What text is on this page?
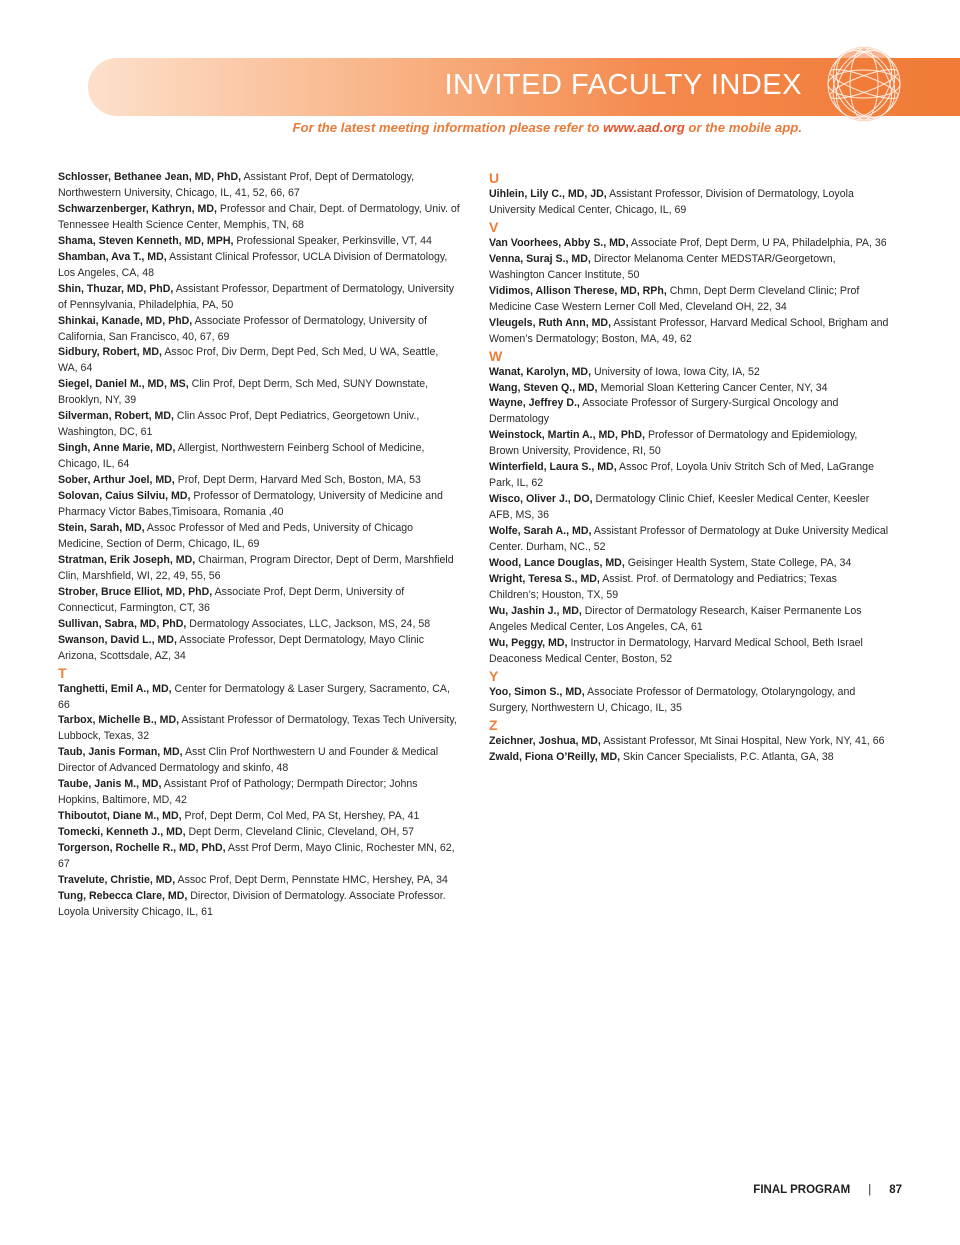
INVITED FACULTY INDEX
For the latest meeting information please refer to www.aad.org or the mobile app.

Schlosser, Bethanee Jean, MD, PhD, Assistant Prof, Dept of Dermatology, Northwestern University, Chicago, IL, 41, 52, 66, 67

Schwarzenberger, Kathryn, MD, Professor and Chair, Dept. of Dermatology, Univ. of Tennessee Health Science Center, Memphis, TN, 68

Shama, Steven Kenneth, MD, MPH, Professional Speaker, Perkinsville, VT, 44

Shamban, Ava T., MD, Assistant Clinical Professor, UCLA Division of Dermatology, Los Angeles, CA, 48

Shin, Thuzar, MD, PhD, Assistant Professor, Department of Dermatology, University of Pennsylvania, Philadelphia, PA, 50

Shinkai, Kanade, MD, PhD, Associate Professor of Dermatology, University of California, San Francisco, 40, 67, 69

Sidbury, Robert, MD, Assoc Prof, Div Derm, Dept Ped, Sch Med, U WA, Seattle, WA, 64

Siegel, Daniel M., MD, MS, Clin Prof, Dept Derm, Sch Med, SUNY Downstate, Brooklyn, NY, 39

Silverman, Robert, MD, Clin Assoc Prof, Dept Pediatrics, Georgetown Univ., Washington, DC, 61

Singh, Anne Marie, MD, Allergist, Northwestern Feinberg School of Medicine, Chicago, IL, 64

Sober, Arthur Joel, MD, Prof, Dept Derm, Harvard Med Sch, Boston, MA, 53

Solovan, Caius Silviu, MD, Professor of Dermatology, University of Medicine and Pharmacy Victor Babes,Timisoara, Romania ,40

Stein, Sarah, MD, Assoc Professor of Med and Peds, University of Chicago Medicine, Section of Derm, Chicago, IL, 69

Stratman, Erik Joseph, MD, Chairman, Program Director, Dept of Derm, Marshfield Clin, Marshfield, WI, 22, 49, 55, 56

Strober, Bruce Elliot, MD, PhD, Associate Prof, Dept Derm, University of Connecticut, Farmington, CT, 36

Sullivan, Sabra, MD, PhD, Dermatology Associates, LLC, Jackson, MS, 24, 58

Swanson, David L., MD, Associate Professor, Dept Dermatology, Mayo Clinic Arizona, Scottsdale, AZ, 34

T

Tanghetti, Emil A., MD, Center for Dermatology & Laser Surgery, Sacramento, CA, 66

Tarbox, Michelle B., MD, Assistant Professor of Dermatology, Texas Tech University, Lubbock, Texas, 32

Taub, Janis Forman, MD, Asst Clin Prof Northwestern U and Founder & Medical Director of Advanced Dermatology and skinfo, 48

Taube, Janis M., MD, Assistant Prof of Pathology; Dermpath Director; Johns Hopkins, Baltimore, MD, 42

Thiboutot, Diane M., MD, Prof, Dept Derm, Col Med, PA St, Hershey, PA, 41

Tomecki, Kenneth J., MD, Dept Derm, Cleveland Clinic, Cleveland, OH, 57

Torgerson, Rochelle R., MD, PhD, Asst Prof Derm, Mayo Clinic, Rochester MN, 62, 67

Travelute, Christie, MD, Assoc Prof, Dept Derm, Pennstate HMC, Hershey, PA, 34

Tung, Rebecca Clare, MD, Director, Division of Dermatology. Associate Professor. Loyola University Chicago, IL, 61

U

Uihlein, Lily C., MD, JD, Assistant Professor, Division of Dermatology, Loyola University Medical Center, Chicago, IL, 69

V

Van Voorhees, Abby S., MD, Associate Prof, Dept Derm, U PA, Philadelphia, PA, 36

Venna, Suraj S., MD, Director Melanoma Center MEDSTAR/Georgetown, Washington Cancer Institute, 50

Vidimos, Allison Therese, MD, RPh, Chmn, Dept Derm Cleveland Clinic; Prof Medicine Case Western Lerner Coll Med, Cleveland OH, 22, 34

Vleugels, Ruth Ann, MD, Assistant Professor, Harvard Medical School, Brigham and Women’s Dermatology; Boston, MA, 49, 62

W

Wanat, Karolyn, MD, University of Iowa, Iowa City, IA, 52

Wang, Steven Q., MD, Memorial Sloan Kettering Cancer Center, NY, 34

Wayne, Jeffrey D., Associate Professor of Surgery-Surgical Oncology and Dermatology

Weinstock, Martin A., MD, PhD, Professor of Dermatology and Epidemiology, Brown University, Providence, RI, 50

Winterfield, Laura S., MD, Assoc Prof, Loyola Univ Stritch Sch of Med, LaGrange Park, IL, 62

Wisco, Oliver J., DO, Dermatology Clinic Chief, Keesler Medical Center, Keesler AFB, MS, 36

Wolfe, Sarah A., MD, Assistant Professor of Dermatology at Duke University Medical Center. Durham, NC., 52

Wood, Lance Douglas, MD, Geisinger Health System, State College, PA, 34

Wright, Teresa S., MD, Assist. Prof. of Dermatology and Pediatrics; Texas Children’s; Houston, TX, 59

Wu, Jashin J., MD, Director of Dermatology Research, Kaiser Permanente Los Angeles Medical Center, Los Angeles, CA, 61

Wu, Peggy, MD, Instructor in Dermatology, Harvard Medical School, Beth Israel Deaconess Medical Center, Boston, 52

Y

Yoo, Simon S., MD, Associate Professor of Dermatology, Otolaryngology, and Surgery, Northwestern U, Chicago, IL, 35

Z

Zeichner, Joshua, MD, Assistant Professor, Mt Sinai Hospital, New York, NY, 41, 66

Zwald, Fiona O’Reilly, MD, Skin Cancer Specialists, P.C. Atlanta, GA, 38

FINAL PROGRAM | 87
